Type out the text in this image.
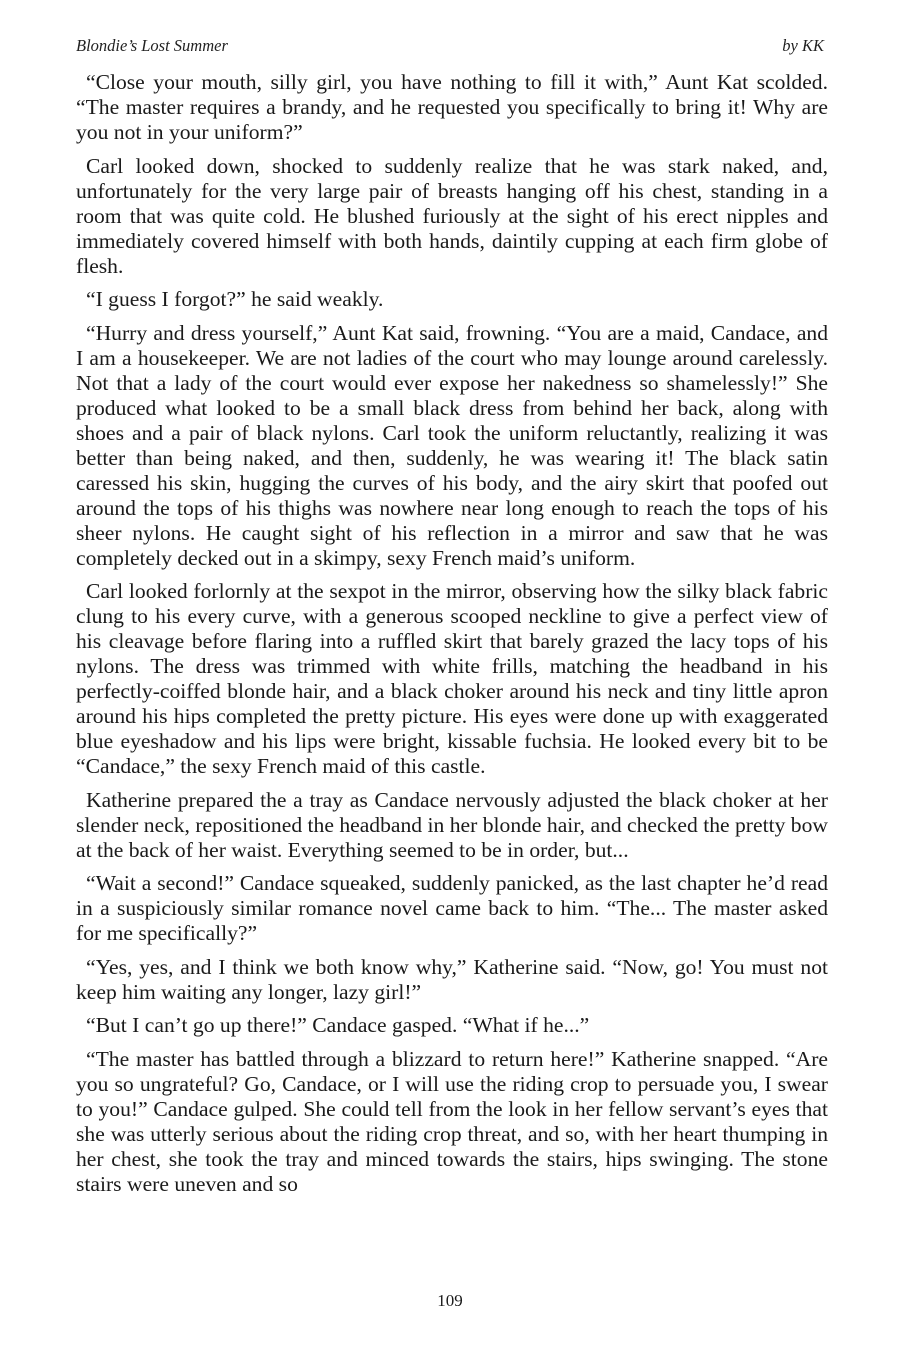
Blondie’s Lost Summer	by KK

“Close your mouth, silly girl, you have nothing to fill it with,” Aunt Kat scolded. “The master requires a brandy, and he requested you specifically to bring it! Why are you not in your uniform?”

Carl looked down, shocked to suddenly realize that he was stark naked, and, unfortunately for the very large pair of breasts hanging off his chest, standing in a room that was quite cold. He blushed furiously at the sight of his erect nipples and immediately covered himself with both hands, daintily cupping at each firm globe of flesh.

“I guess I forgot?” he said weakly.

“Hurry and dress yourself,” Aunt Kat said, frowning. “You are a maid, Candace, and I am a housekeeper. We are not ladies of the court who may lounge around carelessly. Not that a lady of the court would ever expose her nakedness so shamelessly!” She produced what looked to be a small black dress from behind her back, along with shoes and a pair of black nylons. Carl took the uniform reluctantly, realizing it was better than being naked, and then, suddenly, he was wearing it! The black satin caressed his skin, hugging the curves of his body, and the airy skirt that poofed out around the tops of his thighs was nowhere near long enough to reach the tops of his sheer nylons. He caught sight of his reflection in a mirror and saw that he was completely decked out in a skimpy, sexy French maid’s uniform.

Carl looked forlornly at the sexpot in the mirror, observing how the silky black fabric clung to his every curve, with a generous scooped neckline to give a perfect view of his cleavage before flaring into a ruffled skirt that barely grazed the lacy tops of his nylons. The dress was trimmed with white frills, matching the headband in his perfectly-coiffed blonde hair, and a black choker around his neck and tiny little apron around his hips completed the pretty picture. His eyes were done up with exaggerated blue eyeshadow and his lips were bright, kissable fuchsia. He looked every bit to be “Candace,” the sexy French maid of this castle.

Katherine prepared the a tray as Candace nervously adjusted the black choker at her slender neck, repositioned the headband in her blonde hair, and checked the pretty bow at the back of her waist. Everything seemed to be in order, but...

“Wait a second!” Candace squeaked, suddenly panicked, as the last chapter he’d read in a suspiciously similar romance novel came back to him. “The... The master asked for me specifically?”

“Yes, yes, and I think we both know why,” Katherine said. “Now, go! You must not keep him waiting any longer, lazy girl!”

“But I can’t go up there!” Candace gasped. “What if he...”

“The master has battled through a blizzard to return here!” Katherine snapped. “Are you so ungrateful? Go, Candace, or I will use the riding crop to persuade you, I swear to you!” Candace gulped. She could tell from the look in her fellow servant’s eyes that she was utterly serious about the riding crop threat, and so, with her heart thumping in her chest, she took the tray and minced towards the stairs, hips swinging. The stone stairs were uneven and so

109
